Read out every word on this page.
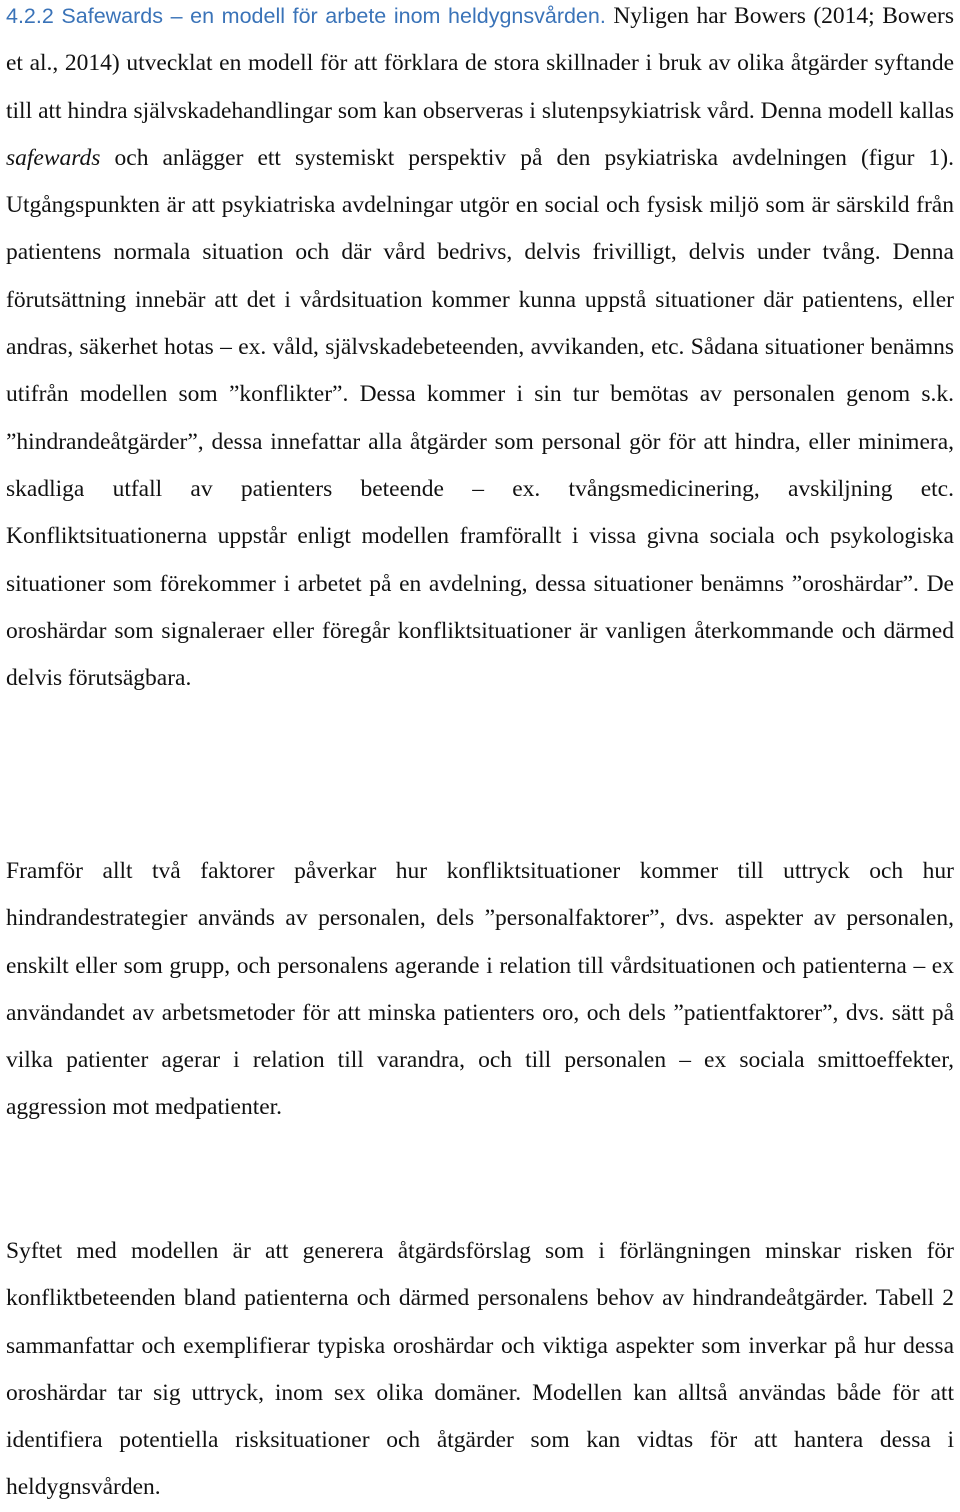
4.2.2 Safewards – en modell för arbete inom heldygnsvården. Nyligen har Bowers (2014; Bowers et al., 2014) utvecklat en modell för att förklara de stora skillnader i bruk av olika åtgärder syftande till att hindra självskadehandlingar som kan observeras i slutenpsykiatrisk vård. Denna modell kallas safewards och anlägger ett systemiskt perspektiv på den psykiatriska avdelningen (figur 1). Utgångspunkten är att psykiatriska avdelningar utgör en social och fysisk miljö som är särskild från patientens normala situation och där vård bedrivs, delvis frivilligt, delvis under tvång. Denna förutsättning innebär att det i vårdsituation kommer kunna uppstå situationer där patientens, eller andras, säkerhet hotas – ex. våld, självskadebeteenden, avvikanden, etc. Sådana situationer benämns utifrån modellen som ”konflikter”. Dessa kommer i sin tur bemötas av personalen genom s.k. ”hindrandeåtgärder”, dessa innefattar alla åtgärder som personal gör för att hindra, eller minimera, skadliga utfall av patienters beteende – ex. tvångsmedicinering, avskiljning etc. Konfliktsituationerna uppstår enligt modellen framförallt i vissa givna sociala och psykologiska situationer som förekommer i arbetet på en avdelning, dessa situationer benämns ”oroshärdar”. De oroshärdar som signaleraer eller föregår konfliktsituationer är vanligen återkommande och därmed delvis förutsägbara.

Framför allt två faktorer påverkar hur konfliktsituationer kommer till uttryck och hur hindrandestrategier används av personalen, dels ”personalfaktorer”, dvs. aspekter av personalen, enskilt eller som grupp, och personalens agerande i relation till vårdsituationen och patienterna – ex användandet av arbetsmetoder för att minska patienters oro, och dels ”patientfaktorer”, dvs. sätt på vilka patienter agerar i relation till varandra, och till personalen – ex sociala smittoeffekter, aggression mot medpatienter.

Syftet med modellen är att generera åtgärdsförslag som i förlängningen minskar risken för konfliktbeteenden bland patienterna och därmed personalens behov av hindrandeåtgärder. Tabell 2 sammanfattar och exemplifierar typiska oroshärdar och viktiga aspekter som inverkar på hur dessa oroshärdar tar sig uttryck, inom sex olika domäner. Modellen kan alltså användas både för att identifiera potentiella risksituationer och åtgärder som kan vidtas för att hantera dessa i heldygnsvården.
